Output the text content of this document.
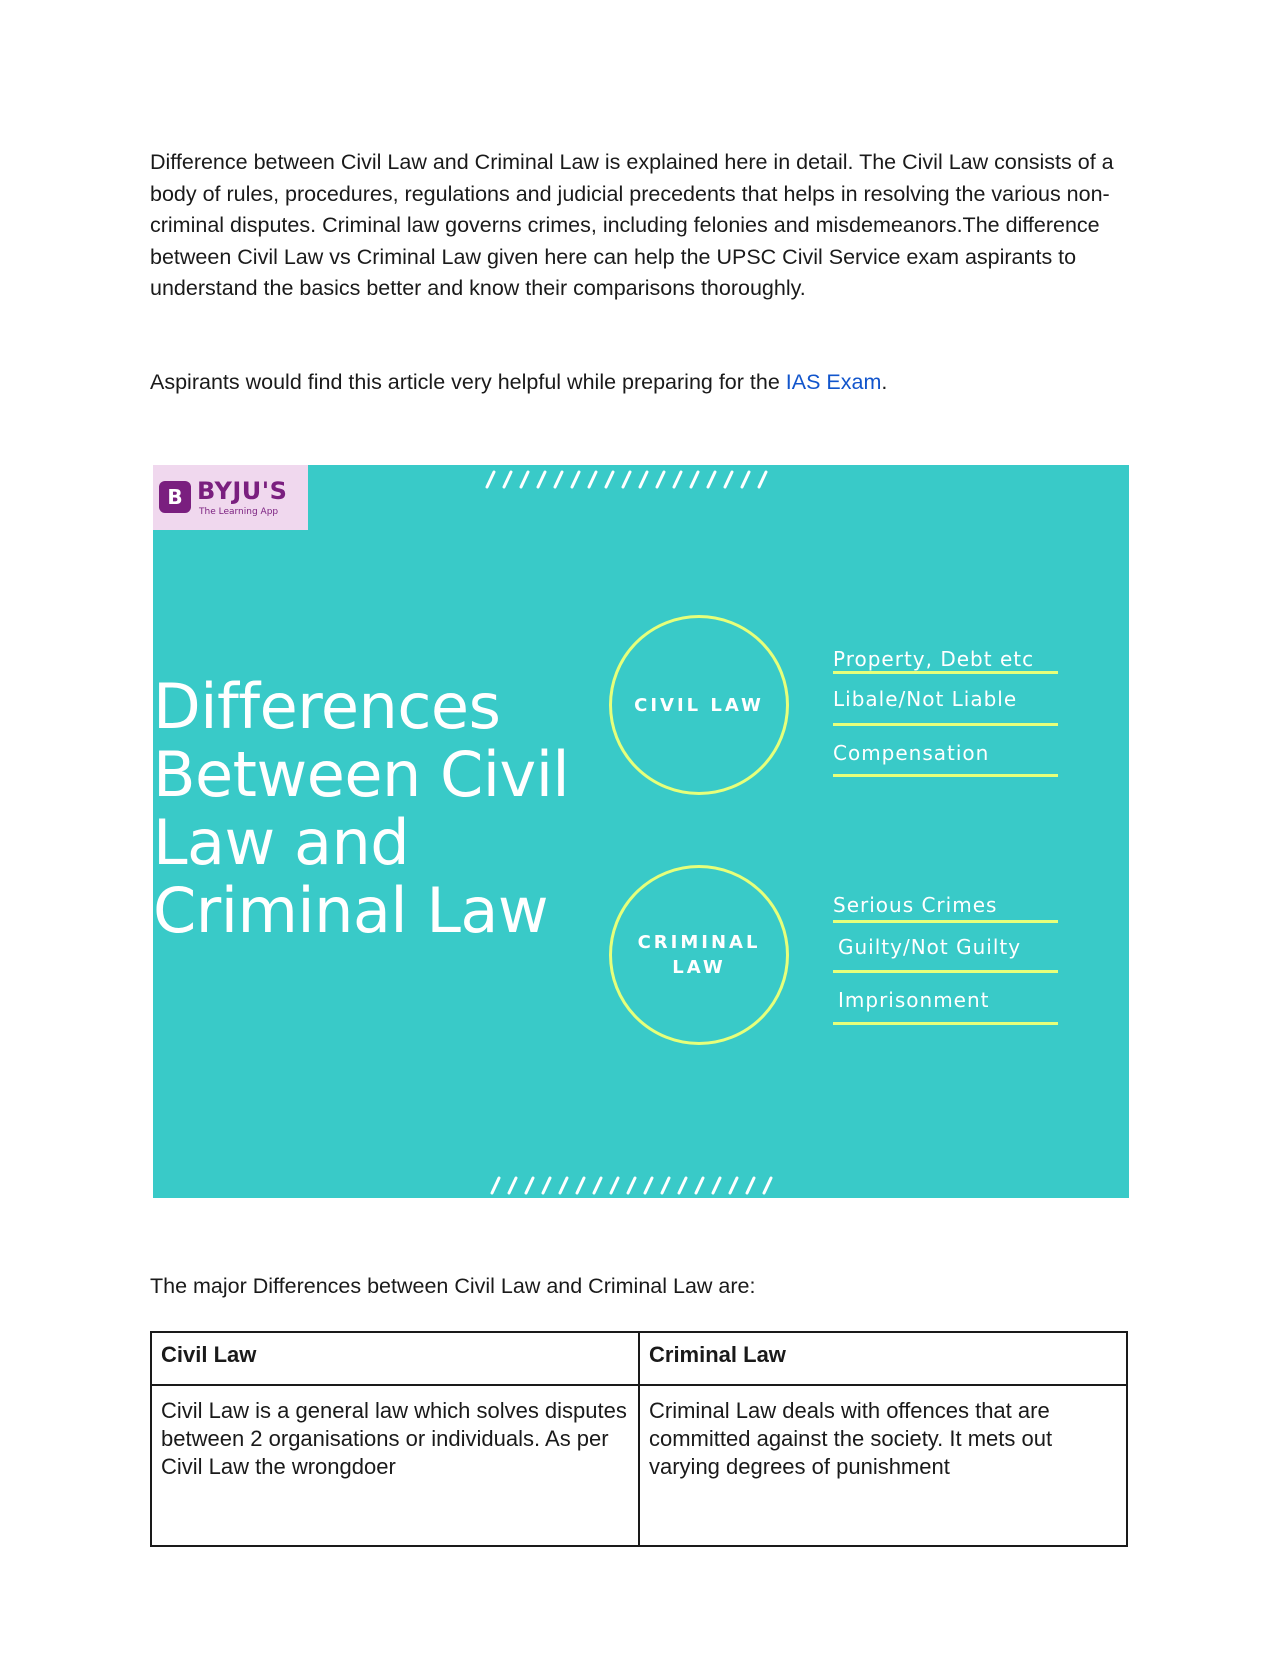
Difference between Civil Law and Criminal Law is explained here in detail. The Civil Law consists of a body of rules, procedures, regulations and judicial precedents that helps in resolving the various non-criminal disputes. Criminal law governs crimes, including felonies and misdemeanors.The difference between Civil Law vs Criminal Law given here can help the UPSC Civil Service exam aspirants to understand the basics better and know their comparisons thoroughly.

Aspirants would find this article very helpful while preparing for the IAS Exam.

B BYJU'S
The Learning App
Differences
Between Civil
Law and
Criminal Law
CIVIL LAW
CRIMINAL
LAW
Property, Debt etc
Libale/Not Liable
Compensation
Serious Crimes
Guilty/Not Guilty
Imprisonment

The major Differences between Civil Law and Criminal Law are:

Civil Law	Criminal Law

Civil Law is a general law which solves disputes between 2 organisations or individuals. As per Civil Law the wrongdoer	Criminal Law deals with offences that are committed against the society. It mets out varying degrees of punishment
